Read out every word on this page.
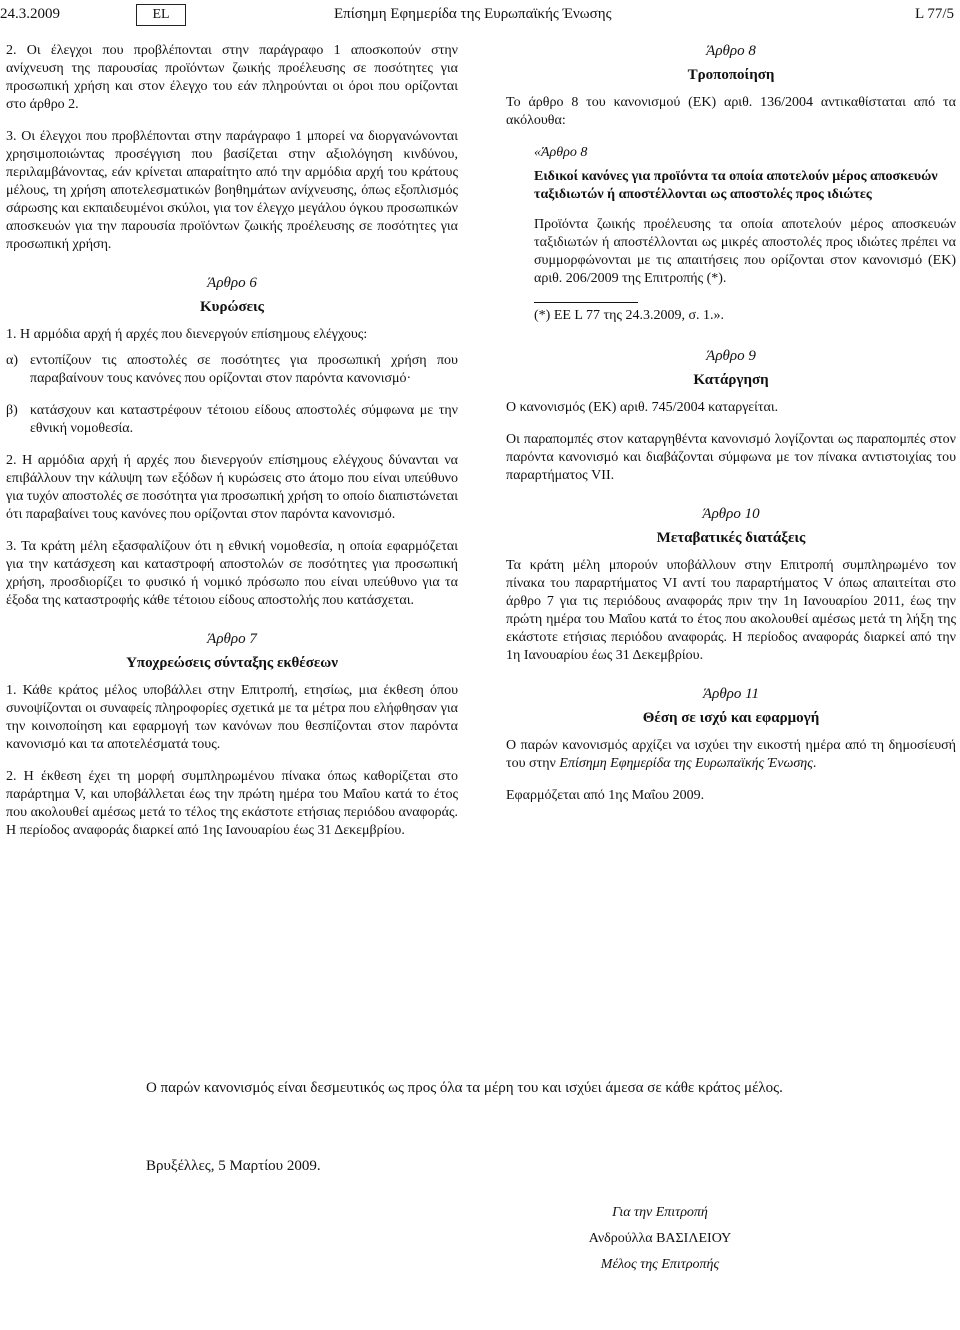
24.3.2009	EL	Επίσημη Εφημερίδα της Ευρωπαϊκής Ένωσης	L 77/5

2. Οι έλεγχοι που προβλέπονται στην παράγραφο 1 αποσκοπούν στην ανίχνευση της παρουσίας προϊόντων ζωικής προέλευσης σε ποσότητες για προσωπική χρήση και στον έλεγχο του εάν πληρούνται οι όροι που ορίζονται στο άρθρο 2.

3. Οι έλεγχοι που προβλέπονται στην παράγραφο 1 μπορεί να διοργανώνονται χρησιμοποιώντας προσέγγιση που βασίζεται στην αξιολόγηση κινδύνου, περιλαμβάνοντας, εάν κρίνεται απαραίτητο από την αρμόδια αρχή του κράτους μέλους, τη χρήση αποτελεσματικών βοηθημάτων ανίχνευσης, όπως εξοπλισμός σάρωσης και εκπαιδευμένοι σκύλοι, για τον έλεγχο μεγάλου όγκου προσωπικών αποσκευών για την παρουσία προϊόντων ζωικής προέλευσης σε ποσότητες για προσωπική χρήση.

Άρθρο 6
Κυρώσεις

1. Η αρμόδια αρχή ή αρχές που διενεργούν επίσημους ελέγχους:

α) εντοπίζουν τις αποστολές σε ποσότητες για προσωπική χρήση που παραβαίνουν τους κανόνες που ορίζονται στον παρόντα κανονισμό·
β) κατάσχουν και καταστρέφουν τέτοιου είδους αποστολές σύμφωνα με την εθνική νομοθεσία.

2. Η αρμόδια αρχή ή αρχές που διενεργούν επίσημους ελέγχους δύνανται να επιβάλλουν την κάλυψη των εξόδων ή κυρώσεις στο άτομο που είναι υπεύθυνο για τυχόν αποστολές σε ποσότητα για προσωπική χρήση το οποίο διαπιστώνεται ότι παραβαίνει τους κανόνες που ορίζονται στον παρόντα κανονισμό.

3. Τα κράτη μέλη εξασφαλίζουν ότι η εθνική νομοθεσία, η οποία εφαρμόζεται για την κατάσχεση και καταστροφή αποστολών σε ποσότητες για προσωπική χρήση, προσδιορίζει το φυσικό ή νομικό πρόσωπο που είναι υπεύθυνο για τα έξοδα της καταστροφής κάθε τέτοιου είδους αποστολής που κατάσχεται.

Άρθρο 7
Υποχρεώσεις σύνταξης εκθέσεων

1. Κάθε κράτος μέλος υποβάλλει στην Επιτροπή, ετησίως, μια έκθεση όπου συνοψίζονται οι συναφείς πληροφορίες σχετικά με τα μέτρα που ελήφθησαν για την κοινοποίηση και εφαρμογή των κανόνων που θεσπίζονται στον παρόντα κανονισμό και τα αποτελέσματά τους.

2. Η έκθεση έχει τη μορφή συμπληρωμένου πίνακα όπως καθορίζεται στο παράρτημα V, και υποβάλλεται έως την πρώτη ημέρα του Μαΐου κατά το έτος που ακολουθεί αμέσως μετά το τέλος της εκάστοτε ετήσιας περιόδου αναφοράς. Η περίοδος αναφοράς διαρκεί από 1ης Ιανουαρίου έως 31 Δεκεμβρίου.

Άρθρο 8
Τροποποίηση

Το άρθρο 8 του κανονισμού (ΕΚ) αριθ. 136/2004 αντικαθίσταται από τα ακόλουθα:

«Άρθρο 8
Ειδικοί κανόνες για προϊόντα τα οποία αποτελούν μέρος αποσκευών ταξιδιωτών ή αποστέλλονται ως αποστολές προς ιδιώτες

Προϊόντα ζωικής προέλευσης τα οποία αποτελούν μέρος αποσκευών ταξιδιωτών ή αποστέλλονται ως μικρές αποστολές προς ιδιώτες πρέπει να συμμορφώνονται με τις απαιτήσεις που ορίζονται στον κανονισμό (ΕΚ) αριθ. 206/2009 της Επιτροπής (*).

(*) ΕΕ L 77 της 24.3.2009, σ. 1.».
Άρθρο 9
Κατάργηση

Ο κανονισμός (ΕΚ) αριθ. 745/2004 καταργείται.

Οι παραπομπές στον καταργηθέντα κανονισμό λογίζονται ως παραπομπές στον παρόντα κανονισμό και διαβάζονται σύμφωνα με τον πίνακα αντιστοιχίας του παραρτήματος VII.

Άρθρο 10
Μεταβατικές διατάξεις

Τα κράτη μέλη μπορούν υποβάλλουν στην Επιτροπή συμπληρωμένο τον πίνακα του παραρτήματος VI αντί του παραρτήματος V όπως απαιτείται στο άρθρο 7 για τις περιόδους αναφοράς πριν την 1η Ιανουαρίου 2011, έως την πρώτη ημέρα του Μαΐου κατά το έτος που ακολουθεί αμέσως μετά τη λήξη της εκάστοτε ετήσιας περιόδου αναφοράς. Η περίοδος αναφοράς διαρκεί από την 1η Ιανουαρίου έως 31 Δεκεμβρίου.

Άρθρο 11
Θέση σε ισχύ και εφαρμογή

Ο παρών κανονισμός αρχίζει να ισχύει την εικοστή ημέρα από τη δημοσίευσή του στην Επίσημη Εφημερίδα της Ευρωπαϊκής Ένωσης.

Εφαρμόζεται από 1ης Μαΐου 2009.

Ο παρών κανονισμός είναι δεσμευτικός ως προς όλα τα μέρη του και ισχύει άμεσα σε κάθε κράτος μέλος.
Βρυξέλλες, 5 Μαρτίου 2009.
Για την Επιτροπή
Ανδρούλλα ΒΑΣΙΛΕΙΟΥ
Μέλος της Επιτροπής
